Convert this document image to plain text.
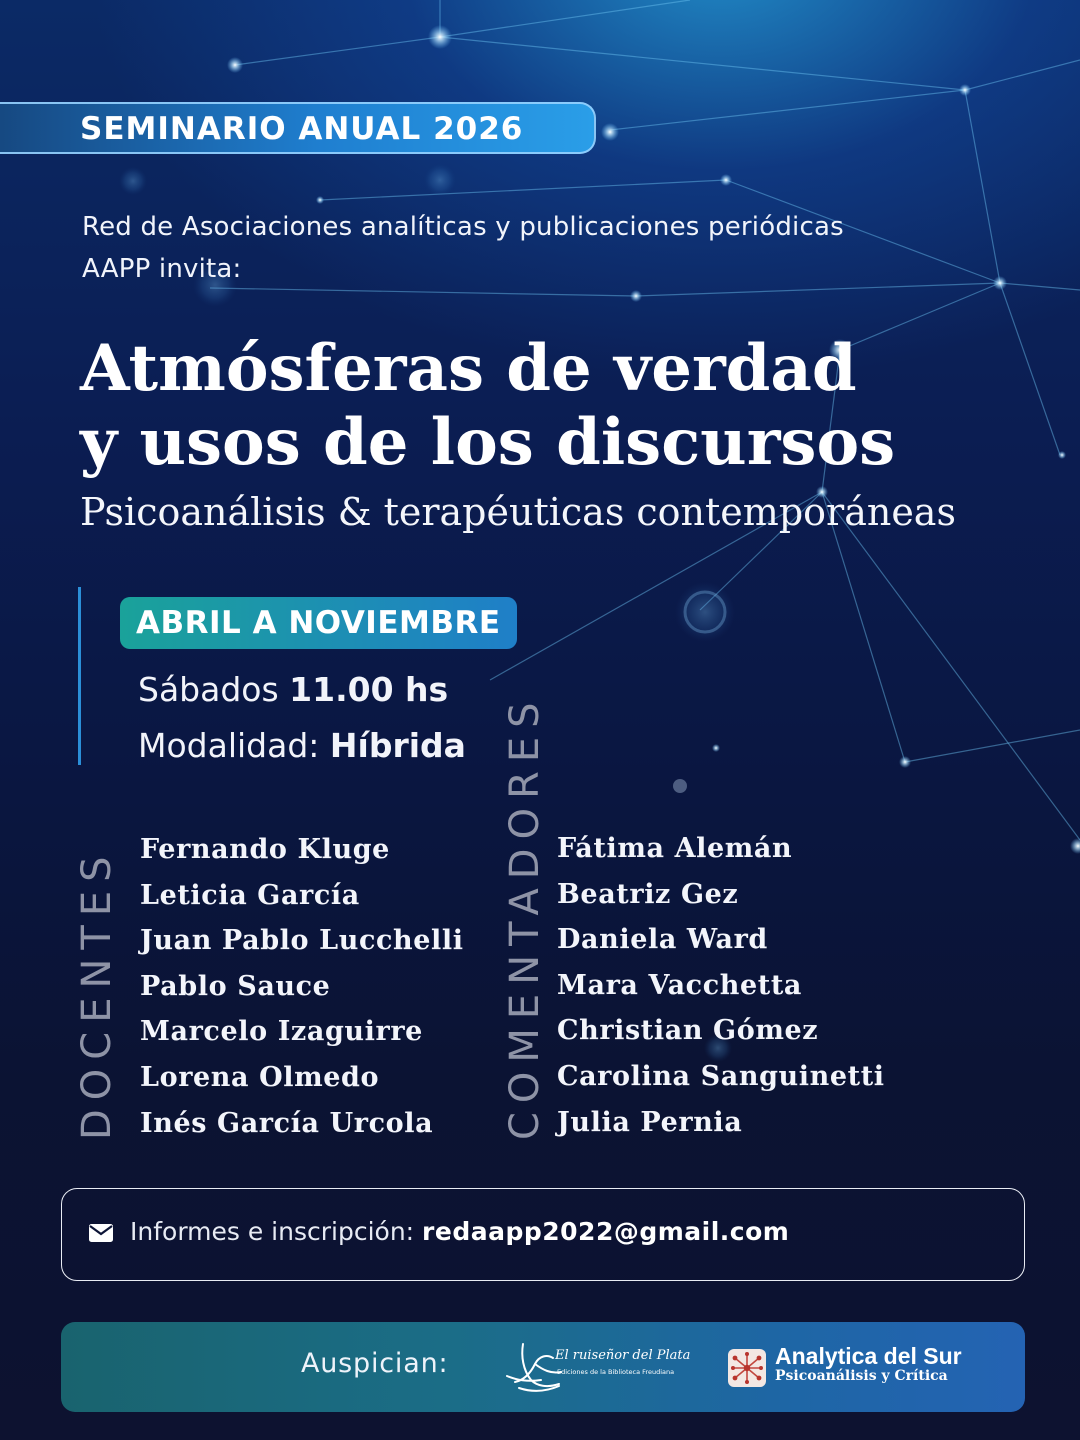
SEMINARIO ANUAL 2026
Red de Asociaciones analíticas y publicaciones periódicas
AAPP invita:
Atmósferas de verdad
y usos de los discursos
Psicoanálisis & terapéuticas contemporáneas
ABRIL A NOVIEMBRE
Sábados 11.00 hs
Modalidad: Híbrida
DOCENTES Fernando Kluge
Leticia García
Juan Pablo Lucchelli
Pablo Sauce
Marcelo Izaguirre
Lorena Olmedo
Inés García Urcola	COMENTADORES Fátima Alemán
Beatriz Gez
Daniela Ward
Mara Vacchetta
Christian Gómez
Carolina Sanguinetti
Julia Pernia
Informes e inscripción: redaapp2022@gmail.com
Auspician:	El ruiseñor del Plata
Ediciones de la Biblioteca Freudiana
Analytica del Sur
Psicoanálisis y Crítica
